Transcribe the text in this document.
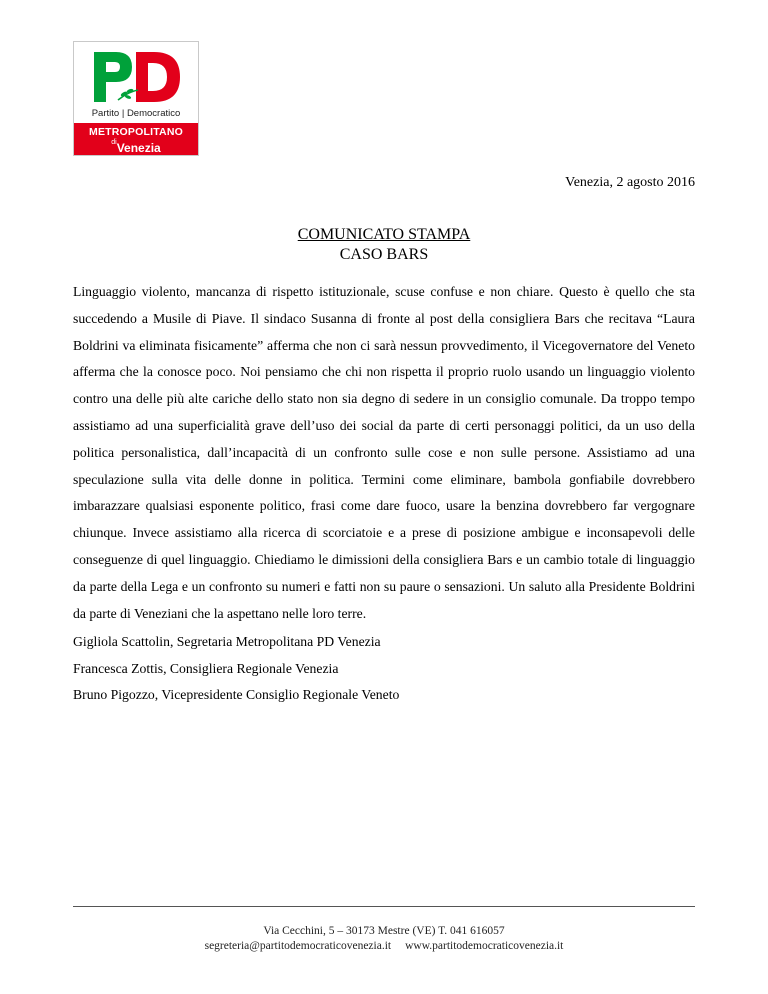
Partito | Democratico
METROPOLITANO
$^{di}$Venezia
Venezia, 2 agosto 2016
COMUNICATO STAMPA
CASO BARS

Linguaggio violento, mancanza di rispetto istituzionale, scuse confuse e non chiare. Questo è quello che sta succedendo a Musile di Piave. Il sindaco Susanna di fronte al post della consigliera Bars che recitava “Laura Boldrini va eliminata fisicamente” afferma che non ci sarà nessun provvedimento, il Vicegovernatore del Veneto afferma che la conosce poco. Noi pensiamo che chi non rispetta il proprio ruolo usando un linguaggio violento contro una delle più alte cariche dello stato non sia degno di sedere in un consiglio comunale. Da troppo tempo assistiamo ad una superficialità grave dell’uso dei social da parte di certi personaggi politici, da un uso della politica personalistica, dall’incapacità di un confronto sulle cose e non sulle persone. Assistiamo ad una speculazione sulla vita delle donne in politica. Termini come eliminare, bambola gonfiabile dovrebbero imbarazzare qualsiasi esponente politico, frasi come dare fuoco, usare la benzina dovrebbero far vergognare chiunque. Invece assistiamo alla ricerca di scorciatoie e a prese di posizione ambigue e inconsapevoli delle conseguenze di quel linguaggio. Chiediamo le dimissioni della consigliera Bars e un cambio totale di linguaggio da parte della Lega e un confronto su numeri e fatti non su paure o sensazioni. Un saluto alla Presidente Boldrini da parte di Veneziani che la aspettano nelle loro terre.

Gigliola Scattolin, Segretaria Metropolitana PD Venezia
Francesca Zottis, Consigliera Regionale Venezia
Bruno Pigozzo, Vicepresidente Consiglio Regionale Veneto
Via Cecchini, 5 – 30173 Mestre (VE) T. 041 616057
segreteria@partitodemocraticovenezia.it www.partitodemocraticovenezia.it
